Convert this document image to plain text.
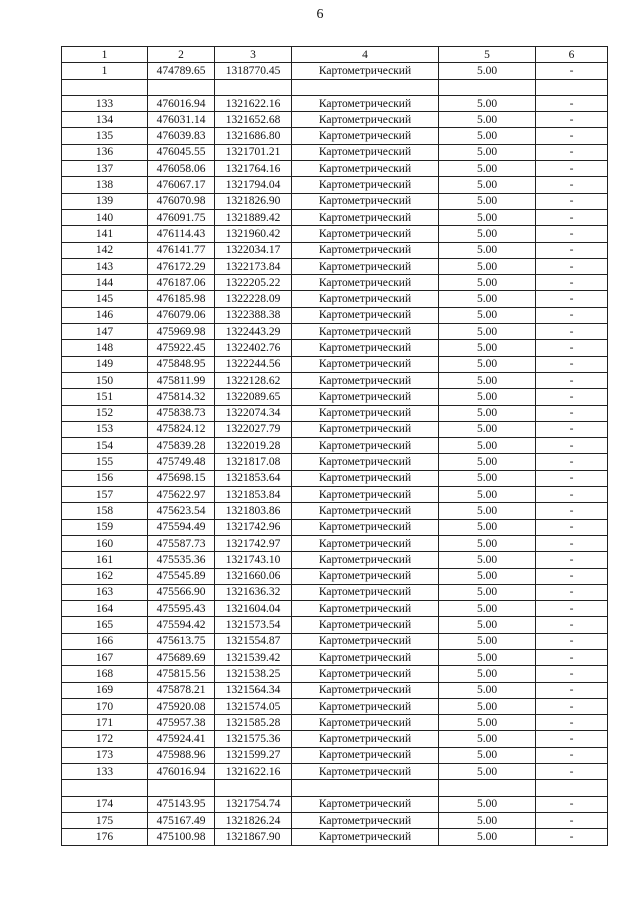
6
1	2	3	4	5	6
1	474789.65	1318770.45	Картометрический	5.00	-

133	476016.94	1321622.16	Картометрический	5.00	-
134	476031.14	1321652.68	Картометрический	5.00	-
135	476039.83	1321686.80	Картометрический	5.00	-
136	476045.55	1321701.21	Картометрический	5.00	-
137	476058.06	1321764.16	Картометрический	5.00	-
138	476067.17	1321794.04	Картометрический	5.00	-
139	476070.98	1321826.90	Картометрический	5.00	-
140	476091.75	1321889.42	Картометрический	5.00	-
141	476114.43	1321960.42	Картометрический	5.00	-
142	476141.77	1322034.17	Картометрический	5.00	-
143	476172.29	1322173.84	Картометрический	5.00	-
144	476187.06	1322205.22	Картометрический	5.00	-
145	476185.98	1322228.09	Картометрический	5.00	-
146	476079.06	1322388.38	Картометрический	5.00	-
147	475969.98	1322443.29	Картометрический	5.00	-
148	475922.45	1322402.76	Картометрический	5.00	-
149	475848.95	1322244.56	Картометрический	5.00	-
150	475811.99	1322128.62	Картометрический	5.00	-
151	475814.32	1322089.65	Картометрический	5.00	-
152	475838.73	1322074.34	Картометрический	5.00	-
153	475824.12	1322027.79	Картометрический	5.00	-
154	475839.28	1322019.28	Картометрический	5.00	-
155	475749.48	1321817.08	Картометрический	5.00	-
156	475698.15	1321853.64	Картометрический	5.00	-
157	475622.97	1321853.84	Картометрический	5.00	-
158	475623.54	1321803.86	Картометрический	5.00	-
159	475594.49	1321742.96	Картометрический	5.00	-
160	475587.73	1321742.97	Картометрический	5.00	-
161	475535.36	1321743.10	Картометрический	5.00	-
162	475545.89	1321660.06	Картометрический	5.00	-
163	475566.90	1321636.32	Картометрический	5.00	-
164	475595.43	1321604.04	Картометрический	5.00	-
165	475594.42	1321573.54	Картометрический	5.00	-
166	475613.75	1321554.87	Картометрический	5.00	-
167	475689.69	1321539.42	Картометрический	5.00	-
168	475815.56	1321538.25	Картометрический	5.00	-
169	475878.21	1321564.34	Картометрический	5.00	-
170	475920.08	1321574.05	Картометрический	5.00	-
171	475957.38	1321585.28	Картометрический	5.00	-
172	475924.41	1321575.36	Картометрический	5.00	-
173	475988.96	1321599.27	Картометрический	5.00	-
133	476016.94	1321622.16	Картометрический	5.00	-

174	475143.95	1321754.74	Картометрический	5.00	-
175	475167.49	1321826.24	Картометрический	5.00	-
176	475100.98	1321867.90	Картометрический	5.00	-
